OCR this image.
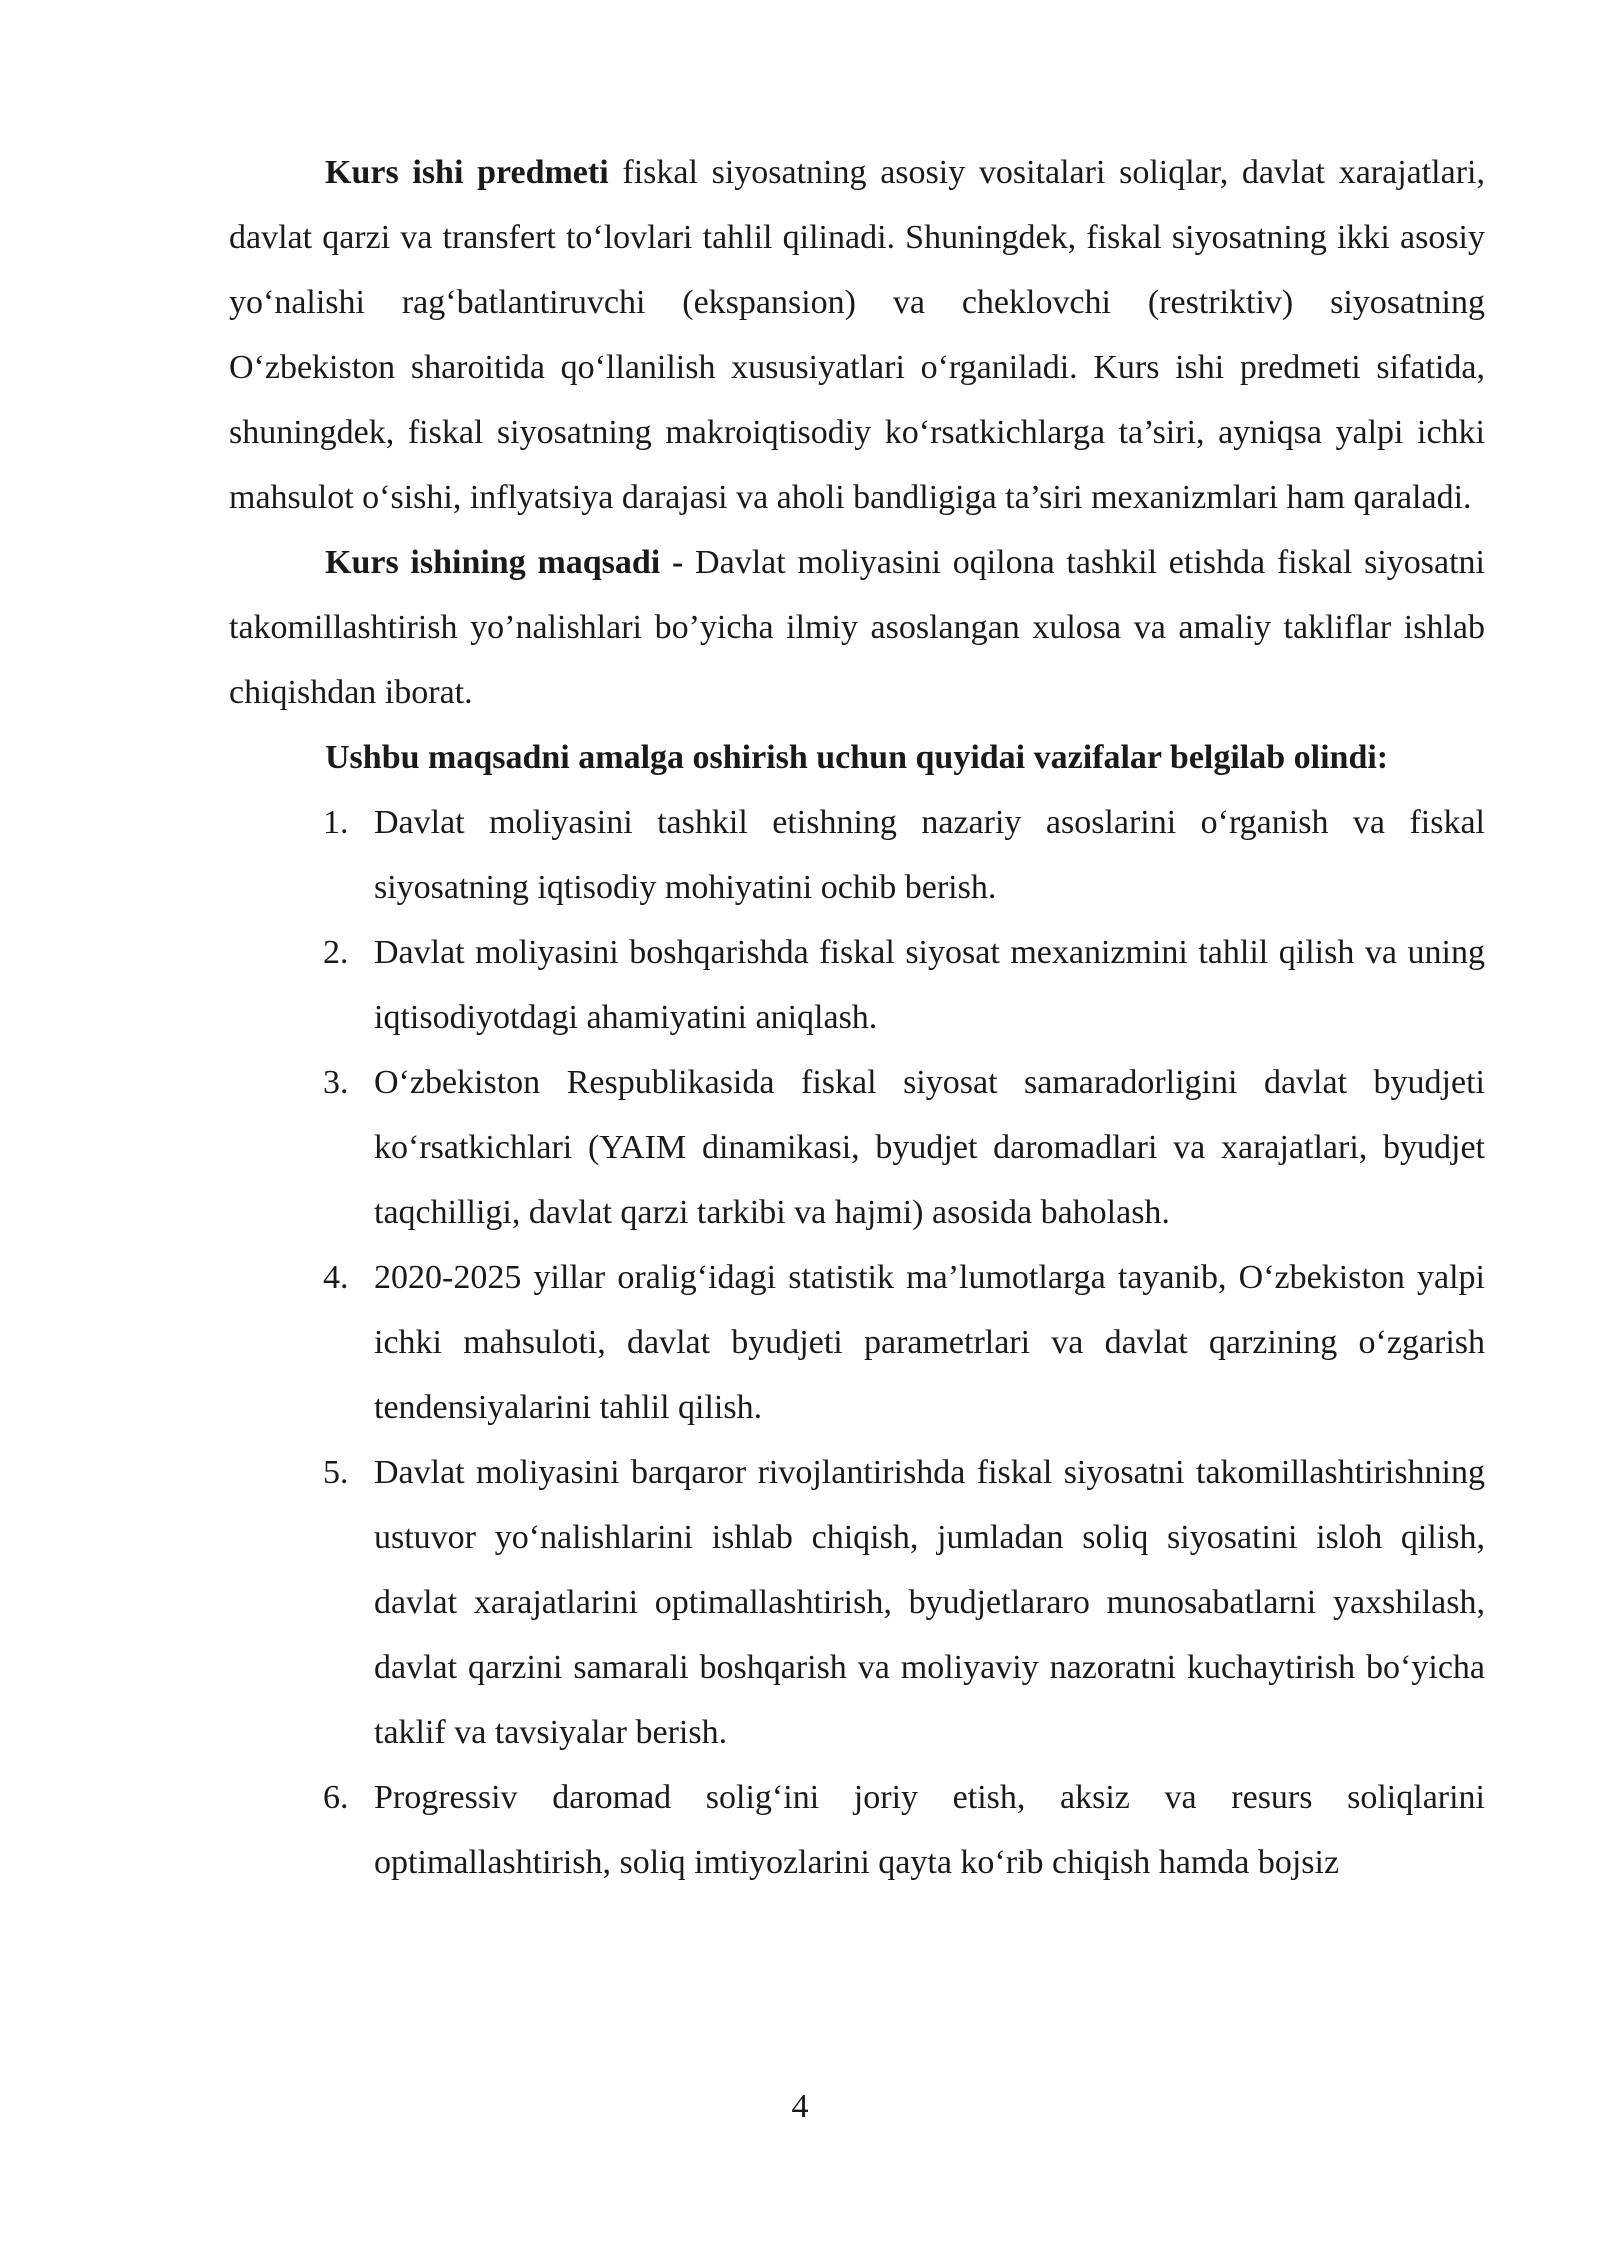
Kurs ishi predmeti fiskal siyosatning asosiy vositalari soliqlar, davlat xarajatlari, davlat qarzi va transfert to‘lovlari tahlil qilinadi. Shuningdek, fiskal siyosatning ikki asosiy yo‘nalishi rag‘batlantiruvchi (ekspansion) va cheklovchi (restriktiv) siyosatning O‘zbekiston sharoitida qo‘llanilish xususiyatlari o‘rganiladi. Kurs ishi predmeti sifatida, shuningdek, fiskal siyosatning makroiqtisodiy ko‘rsatkichlarga ta’siri, ayniqsa yalpi ichki mahsulot o‘sishi, inflyatsiya darajasi va aholi bandligiga ta’siri mexanizmlari ham qaraladi.

Kurs ishining maqsadi - Davlat moliyasini oqilona tashkil etishda fiskal siyosatni takomillashtirish yo’nalishlari bo’yicha ilmiy asoslangan xulosa va amaliy takliflar ishlab chiqishdan iborat.

Ushbu maqsadni amalga oshirish uchun quyidai vazifalar belgilab olindi:

1. Davlat moliyasini tashkil etishning nazariy asoslarini o‘rganish va fiskal siyosatning iqtisodiy mohiyatini ochib berish.
2. Davlat moliyasini boshqarishda fiskal siyosat mexanizmini tahlil qilish va uning iqtisodiyotdagi ahamiyatini aniqlash.
3. O‘zbekiston Respublikasida fiskal siyosat samaradorligini davlat byudjeti ko‘rsatkichlari (YAIM dinamikasi, byudjet daromadlari va xarajatlari, byudjet taqchilligi, davlat qarzi tarkibi va hajmi) asosida baholash.
4. 2020-2025 yillar oralig‘idagi statistik ma’lumotlarga tayanib, O‘zbekiston yalpi ichki mahsuloti, davlat byudjeti parametrlari va davlat qarzining o‘zgarish tendensiyalarini tahlil qilish.
5. Davlat moliyasini barqaror rivojlantirishda fiskal siyosatni takomillashtirishning ustuvor yo‘nalishlarini ishlab chiqish, jumladan soliq siyosatini isloh qilish, davlat xarajatlarini optimallashtirish, byudjetlararo munosabatlarni yaxshilash, davlat qarzini samarali boshqarish va moliyaviy nazoratni kuchaytirish bo‘yicha taklif va tavsiyalar berish.
6. Progressiv daromad solig‘ini joriy etish, aksiz va resurs soliqlarini optimallashtirish, soliq imtiyozlarini qayta ko‘rib chiqish hamda bojsiz
4
